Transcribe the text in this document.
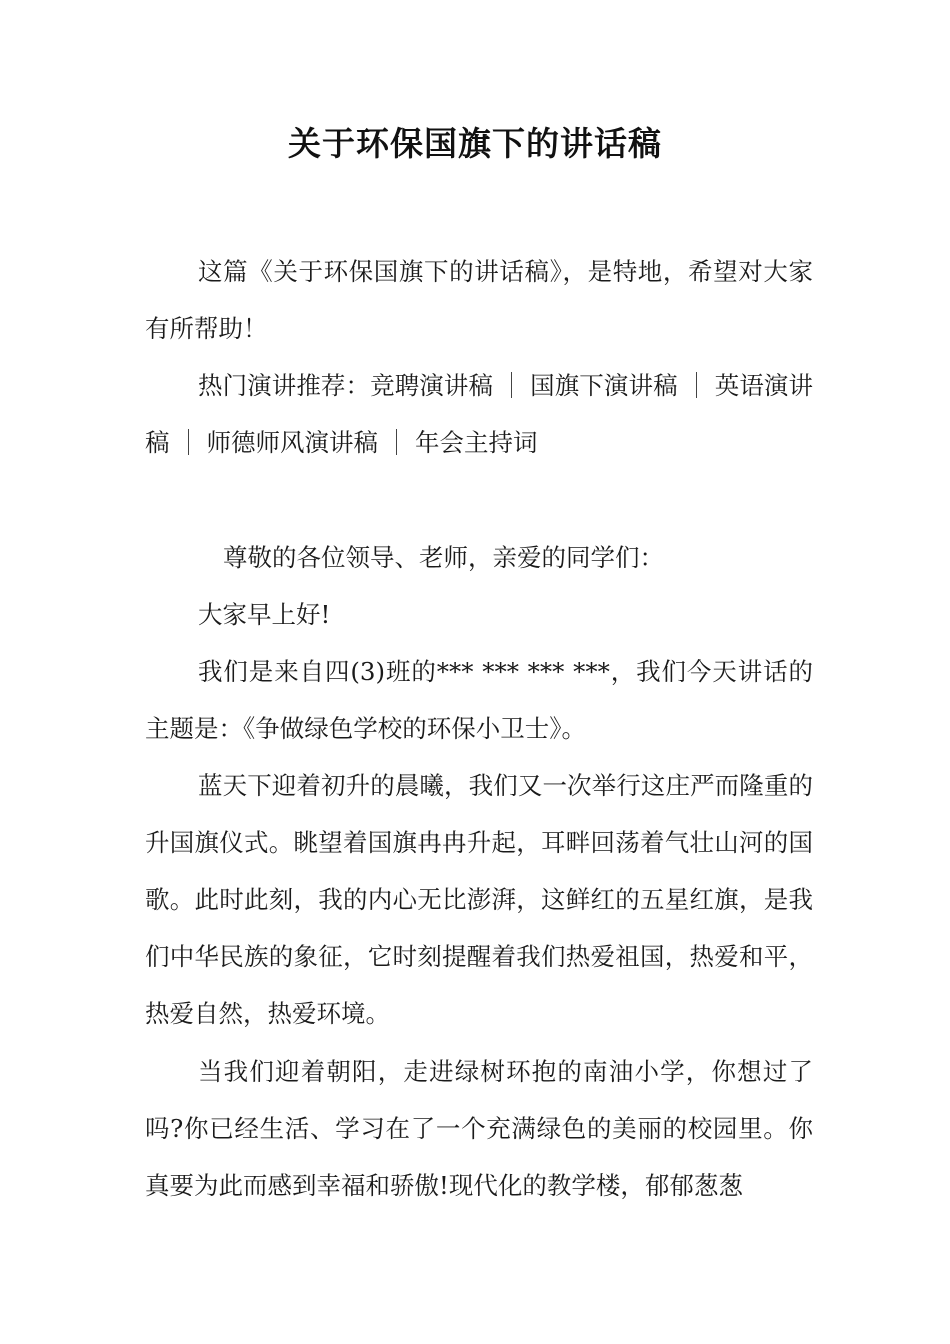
关于环保国旗下的讲话稿

这篇《关于环保国旗下的讲话稿》，是特地，希望对大家有所帮助！

热门演讲推荐：竞聘演讲稿 国旗下演讲稿 英语演讲稿 师德师风演讲稿 年会主持词

尊敬的各位领导、老师，亲爱的同学们：

大家早上好!

我们是来自四(3)班的*** *** *** ***，我们今天讲话的主题是：《争做绿色学校的环保小卫士》。

蓝天下迎着初升的晨曦，我们又一次举行这庄严而隆重的升国旗仪式。眺望着国旗冉冉升起，耳畔回荡着气壮山河的国歌。此时此刻，我的内心无比澎湃，这鲜红的五星红旗，是我们中华民族的象征，它时刻提醒着我们热爱祖国，热爱和平，热爱自然，热爱环境。

当我们迎着朝阳，走进绿树环抱的南油小学，你想过了吗?你已经生活、学习在了一个充满绿色的美丽的校园里。你真要为此而感到幸福和骄傲!现代化的教学楼，郁郁葱葱
